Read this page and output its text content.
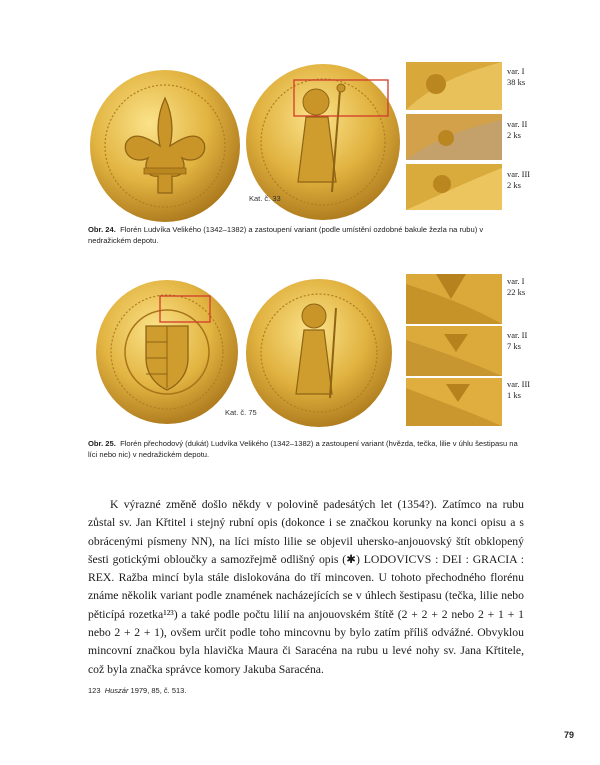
Kat. č. 33
var. I
38 ks
var. II
2 ks
var. III
2 ks
Obr. 24. Florén Ludvíka Velikého (1342–1382) a zastoupení variant (podle umístění ozdobné bakule žezla na rubu) v nedražickém depotu.
Kat. č. 75
var. I
22 ks
var. II
7 ks
var. III
1 ks
Obr. 25. Florén přechodový (dukát) Ludvíka Velikého (1342–1382) a zastoupení variant (hvězda, tečka, lilie v úhlu šestipasu na líci nebo nic) v nedražickém depotu.

K výrazné změně došlo někdy v polovině padesátých let (1354?). Zatímco na rubu zůstal sv. Jan Křtitel i stejný rubní opis (dokonce i se značkou korunky na konci opisu a s obrácenými písmeny NN), na líci místo lilie se objevil uhersko-anjouovský štít obklopený šesti gotickými obloučky a samozřejmě odlišný opis (✱) LODOVICVS : DEI : GRACIA : REX. Ražba mincí byla stále dislokována do tří mincoven. U tohoto přechodného florénu známe několik variant podle znamének nacházejících se v úhlech šestipasu (tečka, lilie nebo pěticípá rozetka¹²³) a také podle počtu lilií na anjouovském štítě (2 + 2 + 2 nebo 2 + 1 + 1 nebo 2 + 2 + 1), ovšem určit podle toho mincovnu by bylo zatím příliš odvážné. Obvyklou mincovní značkou byla hlavička Maura či Saracéna na rubu u levé nohy sv. Jana Křtitele, což byla značka správce komory Jakuba Saracéna.

123 Huszár 1979, 85, č. 513.
79
